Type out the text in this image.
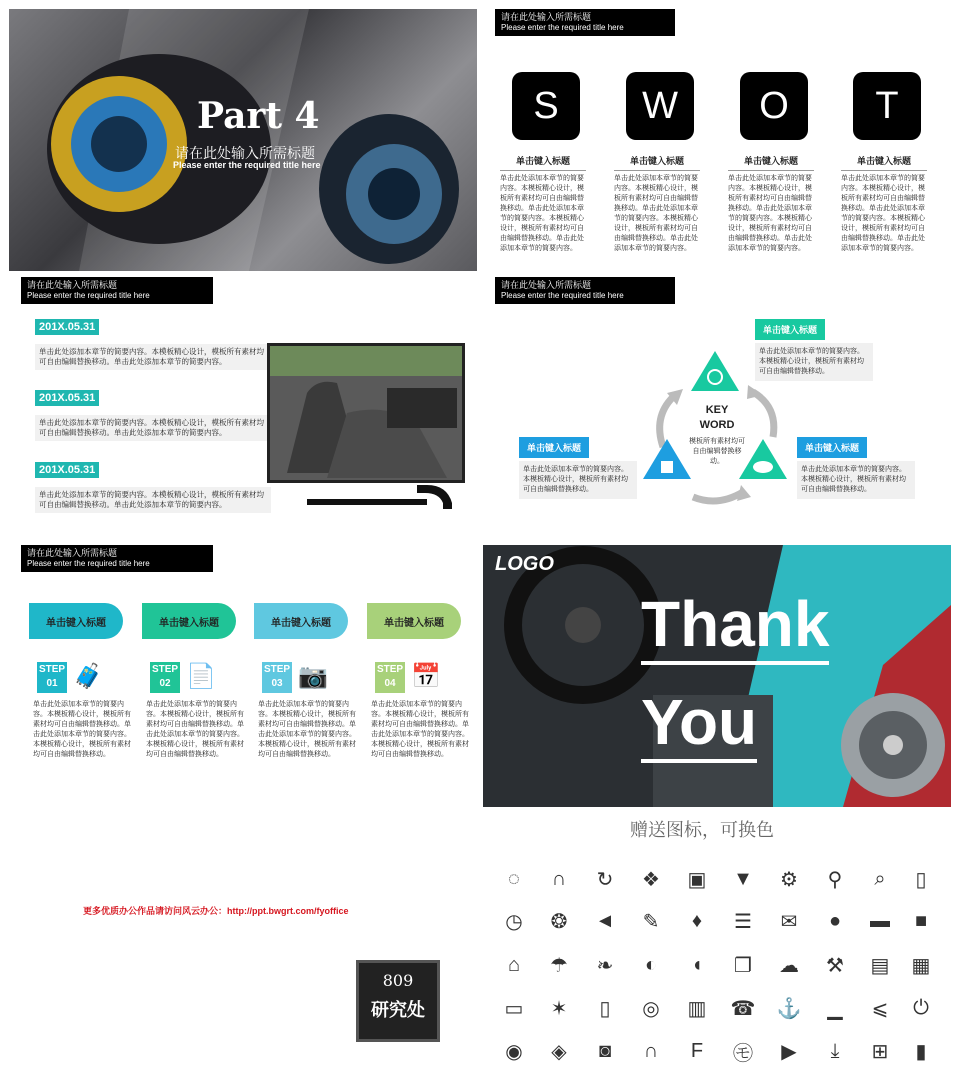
Part 4
请在此处输入所需标题
Please enter the required title here
请在此处输入所需标题
Please enter the required title here
S
单击键入标题
单击此处添加本章节的简要内容。本模板精心设计，模板所有素材均可自由编辑替换移动。单击此处添加本章节的简要内容。本模板精心设计，模板所有素材均可自由编辑替换移动。单击此处添加本章节的简要内容。
W
单击键入标题
单击此处添加本章节的简要内容。本模板精心设计，模板所有素材均可自由编辑替换移动。单击此处添加本章节的简要内容。本模板精心设计，模板所有素材均可自由编辑替换移动。单击此处添加本章节的简要内容。
O
单击键入标题
单击此处添加本章节的简要内容。本模板精心设计，模板所有素材均可自由编辑替换移动。单击此处添加本章节的简要内容。本模板精心设计，模板所有素材均可自由编辑替换移动。单击此处添加本章节的简要内容。
T
单击键入标题
单击此处添加本章节的简要内容。本模板精心设计，模板所有素材均可自由编辑替换移动。单击此处添加本章节的简要内容。本模板精心设计，模板所有素材均可自由编辑替换移动。单击此处添加本章节的简要内容。
请在此处输入所需标题
Please enter the required title here
201X.05.31
单击此处添加本章节的简要内容。本模板精心设计，模板所有素材均可自由编辑替换移动。单击此处添加本章节的简要内容。
201X.05.31
单击此处添加本章节的简要内容。本模板精心设计，模板所有素材均可自由编辑替换移动。单击此处添加本章节的简要内容。
201X.05.31
单击此处添加本章节的简要内容。本模板精心设计，模板所有素材均可自由编辑替换移动。单击此处添加本章节的简要内容。
请在此处输入所需标题
Please enter the required title here
KEY WORD
模板所有素材均可自由编辑替换移动。
单击键入标题
单击此处添加本章节的简要内容。本模板精心设计，模板所有素材均可自由编辑替换移动。
单击键入标题
单击此处添加本章节的简要内容。本模板精心设计，模板所有素材均可自由编辑替换移动。
单击键入标题
单击此处添加本章节的简要内容。本模板精心设计，模板所有素材均可自由编辑替换移动。
请在此处输入所需标题
Please enter the required title here
单击键入标题
STEP
01 🧳
单击此处添加本章节的简要内容。本模板精心设计，模板所有素材均可自由编辑替换移动。单击此处添加本章节的简要内容。本模板精心设计，模板所有素材均可自由编辑替换移动。
单击键入标题
STEP
02 📄
单击此处添加本章节的简要内容。本模板精心设计，模板所有素材均可自由编辑替换移动。单击此处添加本章节的简要内容。本模板精心设计，模板所有素材均可自由编辑替换移动。
单击键入标题
STEP
03 📷
单击此处添加本章节的简要内容。本模板精心设计，模板所有素材均可自由编辑替换移动。单击此处添加本章节的简要内容。本模板精心设计，模板所有素材均可自由编辑替换移动。
单击键入标题
STEP
04 📅
单击此处添加本章节的简要内容。本模板精心设计，模板所有素材均可自由编辑替换移动。单击此处添加本章节的简要内容。本模板精心设计，模板所有素材均可自由编辑替换移动。
LOGO
Thank
You
赠送图标，可换色
更多优质办公作品请访问风云办公：http://ppt.bwgrt.com/fyoffice
809
研究处
◌	∩ ↻ ❖ ▣ ▼ ⚙ ⚲	⌕	▯
◷ ❂ ◄ ✎	♦	☰ ✉	●	▬	■
⌂	☂ ❧	◐	◖	❐ ☁ ⚒ ▤ ▦
▭ ✶	▯	◎ ▥ ☎ ⚓ ▁ ⩽ ⏻
◉ ◈	◙	∩	F	㋲ ▶	⤓	⊞	▮
